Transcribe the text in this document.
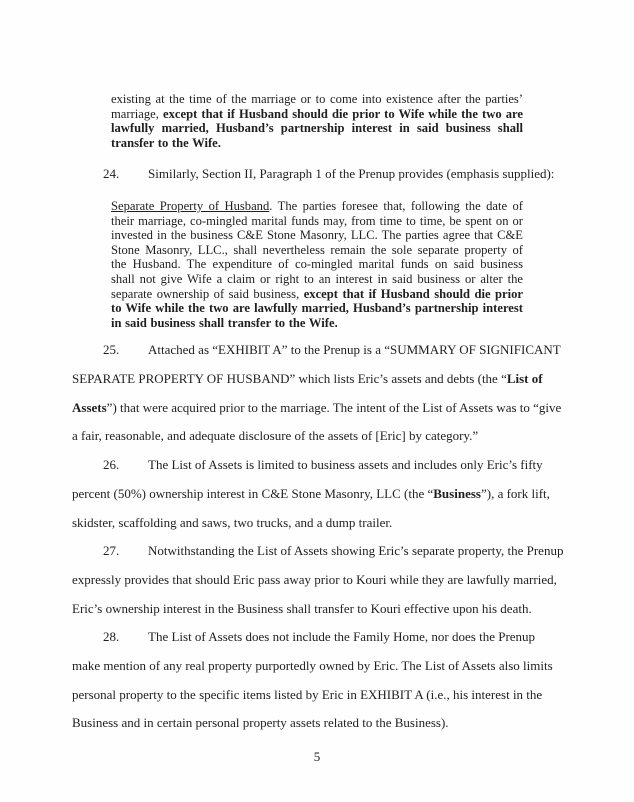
existing at the time of the marriage or to come into existence after the parties’ marriage, except that if Husband should die prior to Wife while the two are lawfully married, Husband’s partnership interest in said business shall transfer to the Wife.

24. Similarly, Section II, Paragraph 1 of the Prenup provides (emphasis supplied):

Separate Property of Husband. The parties foresee that, following the date of their marriage, co-mingled marital funds may, from time to time, be spent on or invested in the business C&E Stone Masonry, LLC. The parties agree that C&E Stone Masonry, LLC., shall nevertheless remain the sole separate property of the Husband. The expenditure of co-mingled marital funds on said business shall not give Wife a claim or right to an interest in said business or alter the separate ownership of said business, except that if Husband should die prior to Wife while the two are lawfully married, Husband’s partnership interest in said business shall transfer to the Wife.

25. Attached as “EXHIBIT A” to the Prenup is a “SUMMARY OF SIGNIFICANT SEPARATE PROPERTY OF HUSBAND” which lists Eric’s assets and debts (the “List of Assets”) that were acquired prior to the marriage. The intent of the List of Assets was to “give a fair, reasonable, and adequate disclosure of the assets of [Eric] by category.”

26. The List of Assets is limited to business assets and includes only Eric’s fifty percent (50%) ownership interest in C&E Stone Masonry, LLC (the “Business”), a fork lift, skidster, scaffolding and saws, two trucks, and a dump trailer.

27. Notwithstanding the List of Assets showing Eric’s separate property, the Prenup expressly provides that should Eric pass away prior to Kouri while they are lawfully married, Eric’s ownership interest in the Business shall transfer to Kouri effective upon his death.

28. The List of Assets does not include the Family Home, nor does the Prenup make mention of any real property purportedly owned by Eric. The List of Assets also limits personal property to the specific items listed by Eric in EXHIBIT A (i.e., his interest in the Business and in certain personal property assets related to the Business).

5
